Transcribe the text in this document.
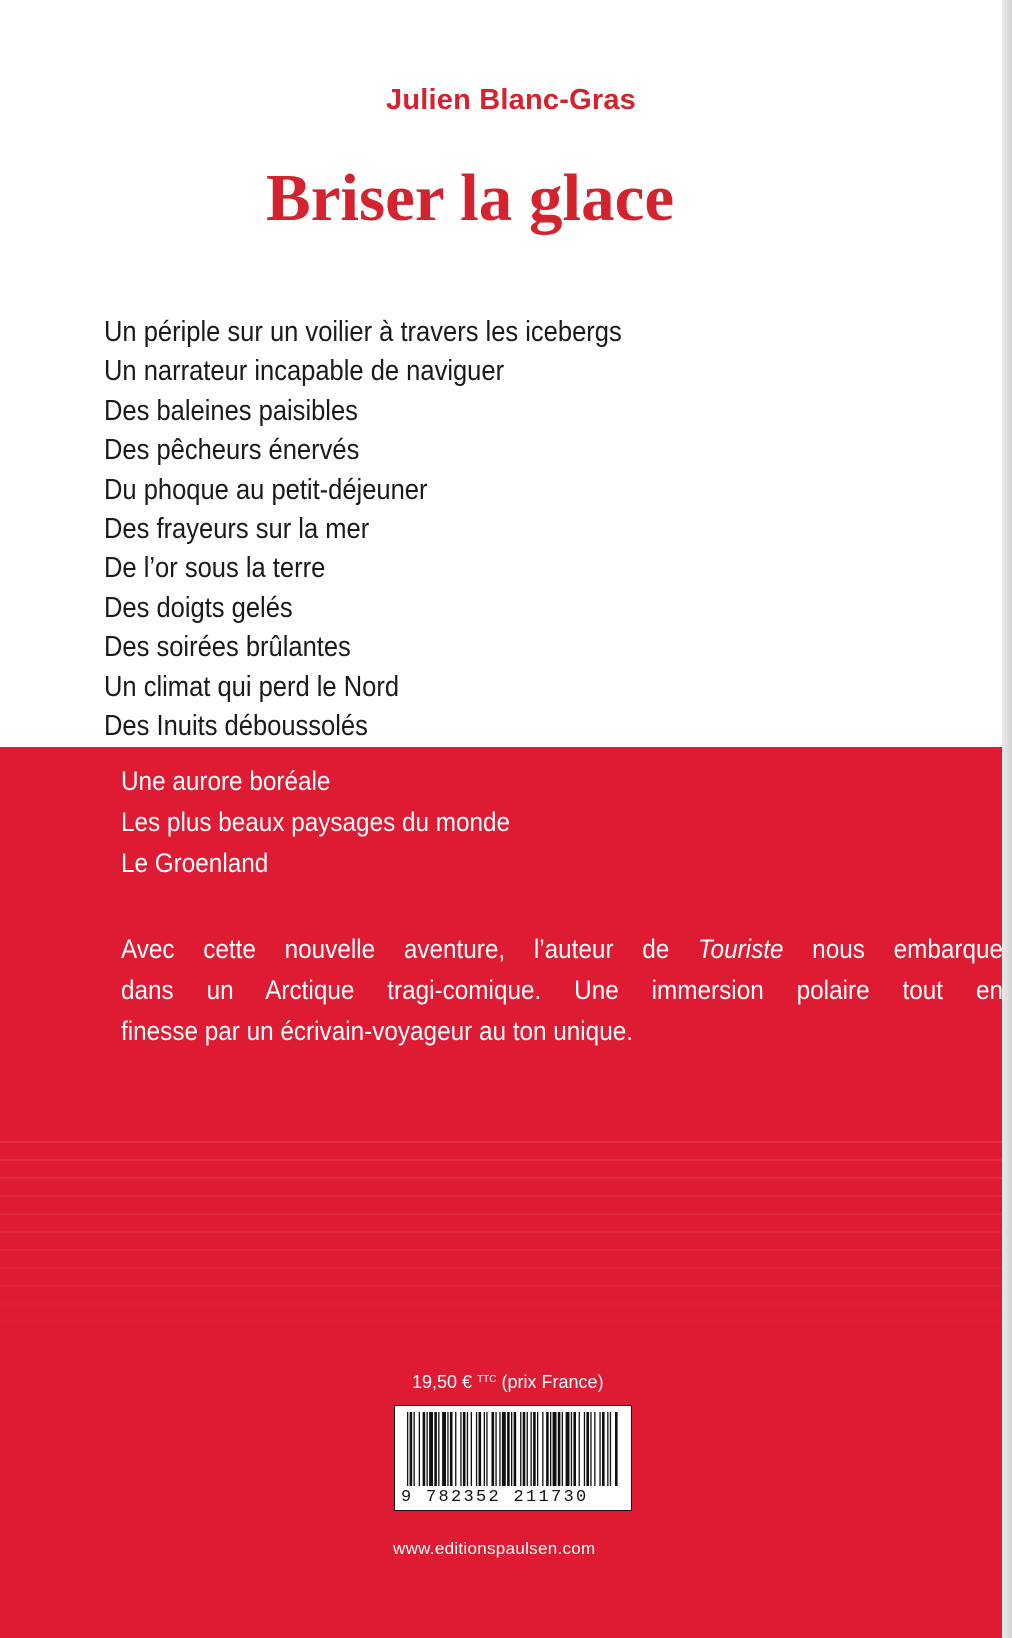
Julien Blanc-Gras
Briser la glace
Un périple sur un voilier à travers les icebergs
Un narrateur incapable de naviguer
Des baleines paisibles
Des pêcheurs énervés
Du phoque au petit-déjeuner
Des frayeurs sur la mer
De l’or sous la terre
Des doigts gelés
Des soirées brûlantes
Un climat qui perd le Nord
Des Inuits déboussolés
Une aurore boréale
Les plus beaux paysages du monde
Le Groenland

Avec cette nouvelle aventure, l’auteur de Touriste nous embarque
dans un Arctique tragi-comique. Une immersion polaire tout en
finesse par un écrivain-voyageur au ton unique.

19,50 € $^{TTC}$ (prix France)
9 782352 211730
www.editionspaulsen.com
